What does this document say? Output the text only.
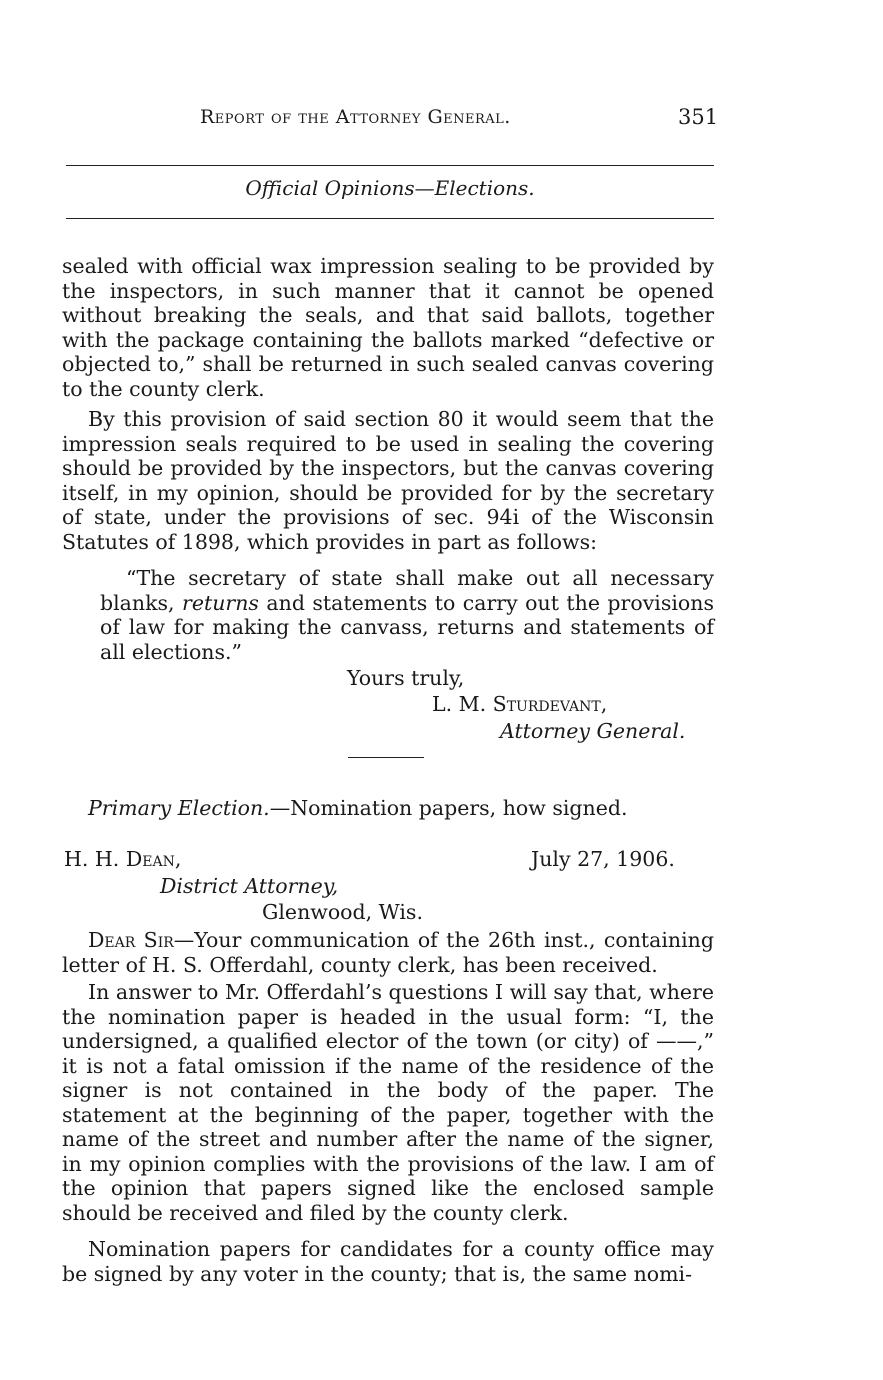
Report of the Attorney General.	351
Official Opinions—Elections.

sealed with official wax impression sealing to be provided by the inspectors, in such manner that it cannot be opened without breaking the seals, and that said ballots, together with the package containing the ballots marked “defective or objected to,” shall be returned in such sealed canvas covering to the county clerk.

By this provision of said section 80 it would seem that the impression seals required to be used in sealing the covering should be provided by the inspectors, but the canvas covering itself, in my opinion, should be provided for by the secretary of state, under the provisions of sec. 94i of the Wisconsin Statutes of 1898, which provides in part as follows:

“The secretary of state shall make out all necessary blanks, returns and statements to carry out the provisions of law for making the canvass, returns and statements of all elections.”

Yours truly,
L. M. Sturdevant,
Attorney General.
Primary Election.—Nomination papers, how signed.
H. H. Dean,	July 27, 1906.
District Attorney,
Glenwood, Wis.

Dear Sir—Your communication of the 26th inst., containing letter of H. S. Offerdahl, county clerk, has been received.

In answer to Mr. Offerdahl’s questions I will say that, where the nomination paper is headed in the usual form: “I, the undersigned, a qualified elector of the town (or city) of ——,” it is not a fatal omission if the name of the residence of the signer is not contained in the body of the paper. The statement at the beginning of the paper, together with the name of the street and number after the name of the signer, in my opinion complies with the provisions of the law. I am of the opinion that papers signed like the enclosed sample should be received and filed by the county clerk.

Nomination papers for candidates for a county office may be signed by any voter in the county; that is, the same nomi-
